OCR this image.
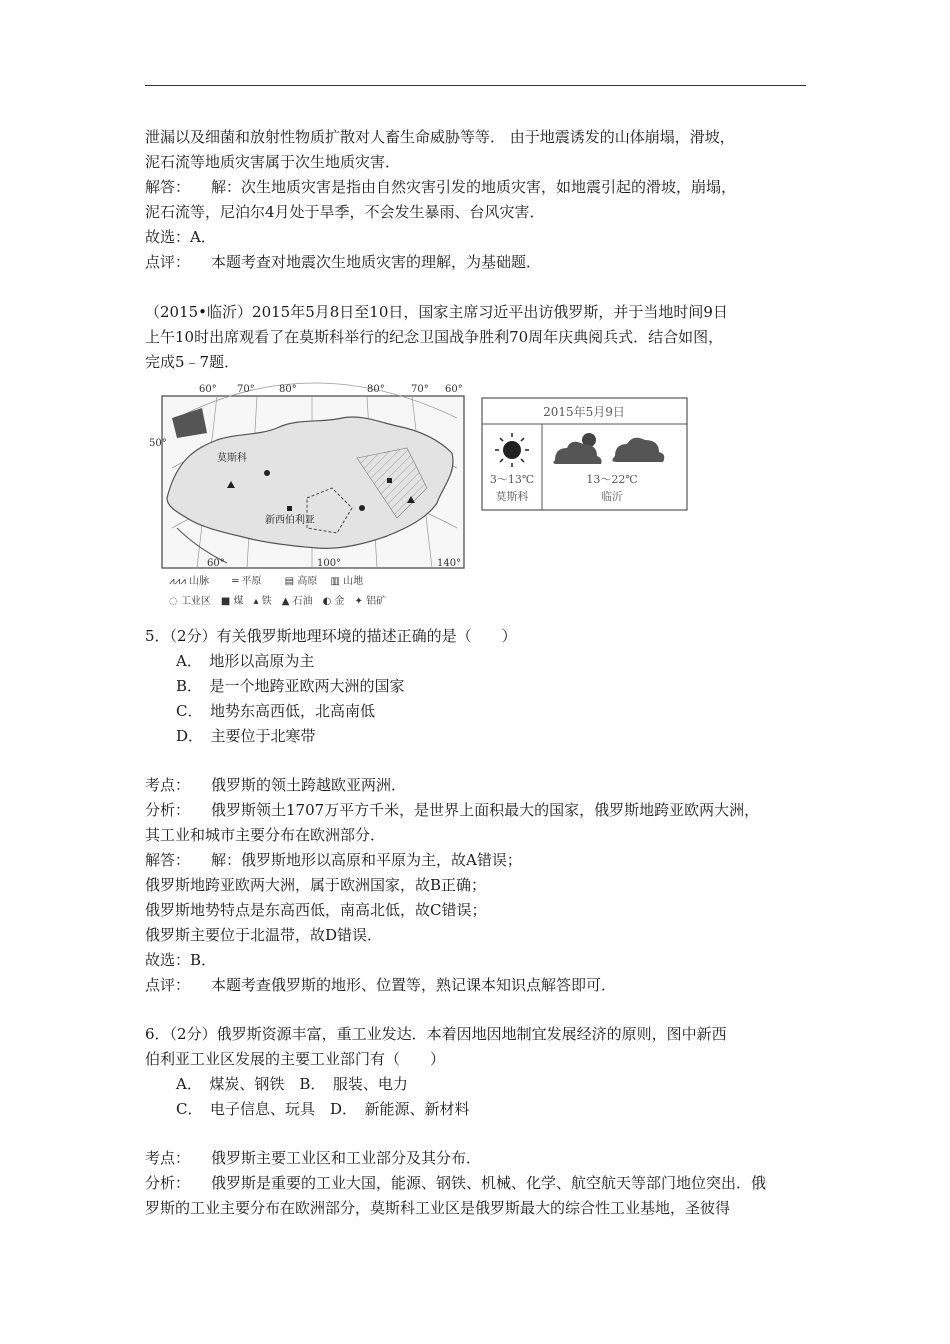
泄漏以及细菌和放射性物质扩散对人畜生命威胁等等． 由于地震诱发的山体崩塌，滑坡，
泥石流等地质灾害属于次生地质灾害．
解答： 解：次生地质灾害是指由自然灾害引发的地质灾害，如地震引起的滑坡，崩塌，
泥石流等，尼泊尔4月处于旱季，不会发生暴雨、台风灾害．
故选：A．
点评： 本题考查对地震次生地质灾害的理解，为基础题．
（2015•临沂）2015年5月8日至10日，国家主席习近平出访俄罗斯，并于当地时间9日
上午10时出席观看了在莫斯科举行的纪念卫国战争胜利70周年庆典阅兵式．结合如图，
完成5﹣7题．
60° 70° 80°	80°	70° 60°
50°
60°	100°	140°
莫斯科
新西伯利亚
⩘⩘⩘ 山脉　　 ═ 平原　　 ▤ 高原　 ▥ 山地
◌ 工业区　■ 煤　▴ 铁　▲ 石油　◐ 金　✦ 铝矿
2015年5月9日
3～13℃
莫斯科
13～22℃
临沂
5．（2分）有关俄罗斯地理环境的描述正确的是（　　）
A．　地形以高原为主
B．　是一个地跨亚欧两大洲的国家
C．　地势东高西低，北高南低
D．　主要位于北寒带
考点： 俄罗斯的领土跨越欧亚两洲．
分析： 俄罗斯领土1707万平方千米，是世界上面积最大的国家，俄罗斯地跨亚欧两大洲，
其工业和城市主要分布在欧洲部分．
解答： 解：俄罗斯地形以高原和平原为主，故A错误；
俄罗斯地跨亚欧两大洲，属于欧洲国家，故B正确；
俄罗斯地势特点是东高西低，南高北低，故C错误；
俄罗斯主要位于北温带，故D错误．
故选：B．
点评： 本题考查俄罗斯的地形、位置等，熟记课本知识点解答即可．
6．（2分）俄罗斯资源丰富，重工业发达．本着因地因地制宜发展经济的原则，图中新西
伯利亚工业区发展的主要工业部门有（　　）
A．　煤炭、钢铁　B．　服装、电力
C．　电子信息、玩具　D．　新能源、新材料
考点： 俄罗斯主要工业区和工业部分及其分布．
分析： 俄罗斯是重要的工业大国，能源、钢铁、机械、化学、航空航天等部门地位突出．俄
罗斯的工业主要分布在欧洲部分，莫斯科工业区是俄罗斯最大的综合性工业基地，圣彼得
